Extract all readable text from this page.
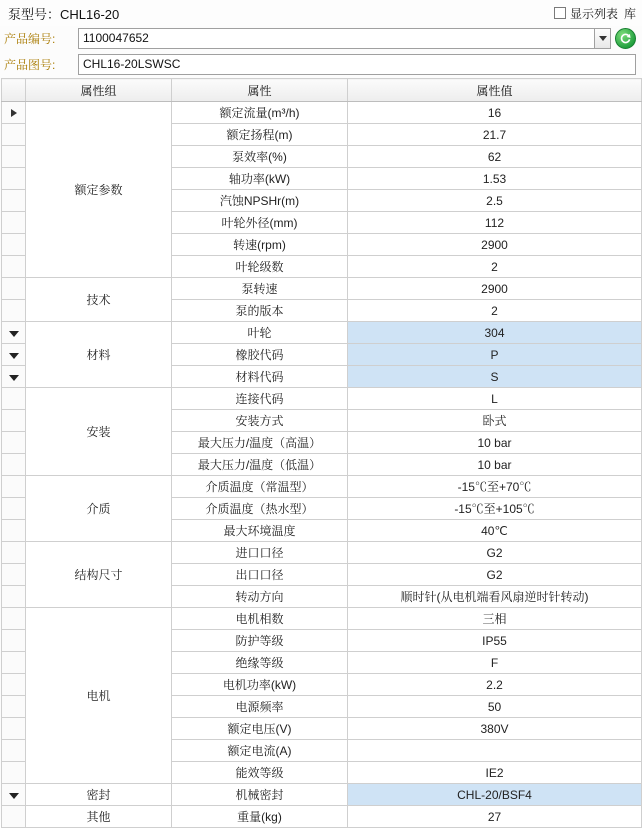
泵型号：CHL16-20	显示列表 库
产品编号:
1100047652
产品图号:
CHL16-20LSWSC
	属性组	属性	属性值
	额定参数	额定流量(m³/h)	16
		额定扬程(m)	21.7
		泵效率(%)	62
		轴功率(kW)	1.53
		汽蚀NPSHr(m)	2.5
		叶轮外径(mm)	112
		转速(rpm)	2900
		叶轮级数	2
	技术	泵转速	2900
		泵的版本	2
	材料	叶轮	304
		橡胶代码	P
		材料代码	S
	安装	连接代码	L
		安装方式	卧式
		最大压力/温度（高温）	10 bar
		最大压力/温度（低温）	10 bar
	介质	介质温度（常温型）	-15℃至+70℃
		介质温度（热水型）	-15℃至+105℃
		最大环境温度	40℃
	结构尺寸	进口口径	G2
		出口口径	G2
		转动方向	顺时针(从电机端看风扇逆时针转动)
	电机	电机相数	三相
		防护等级	IP55
		绝缘等级	F
		电机功率(kW)	2.2
		电源频率	50
		额定电压(V)	380V
		额定电流(A)	
		能效等级	IE2
	密封	机械密封	CHL-20/BSF4
	其他	重量(kg)	27
